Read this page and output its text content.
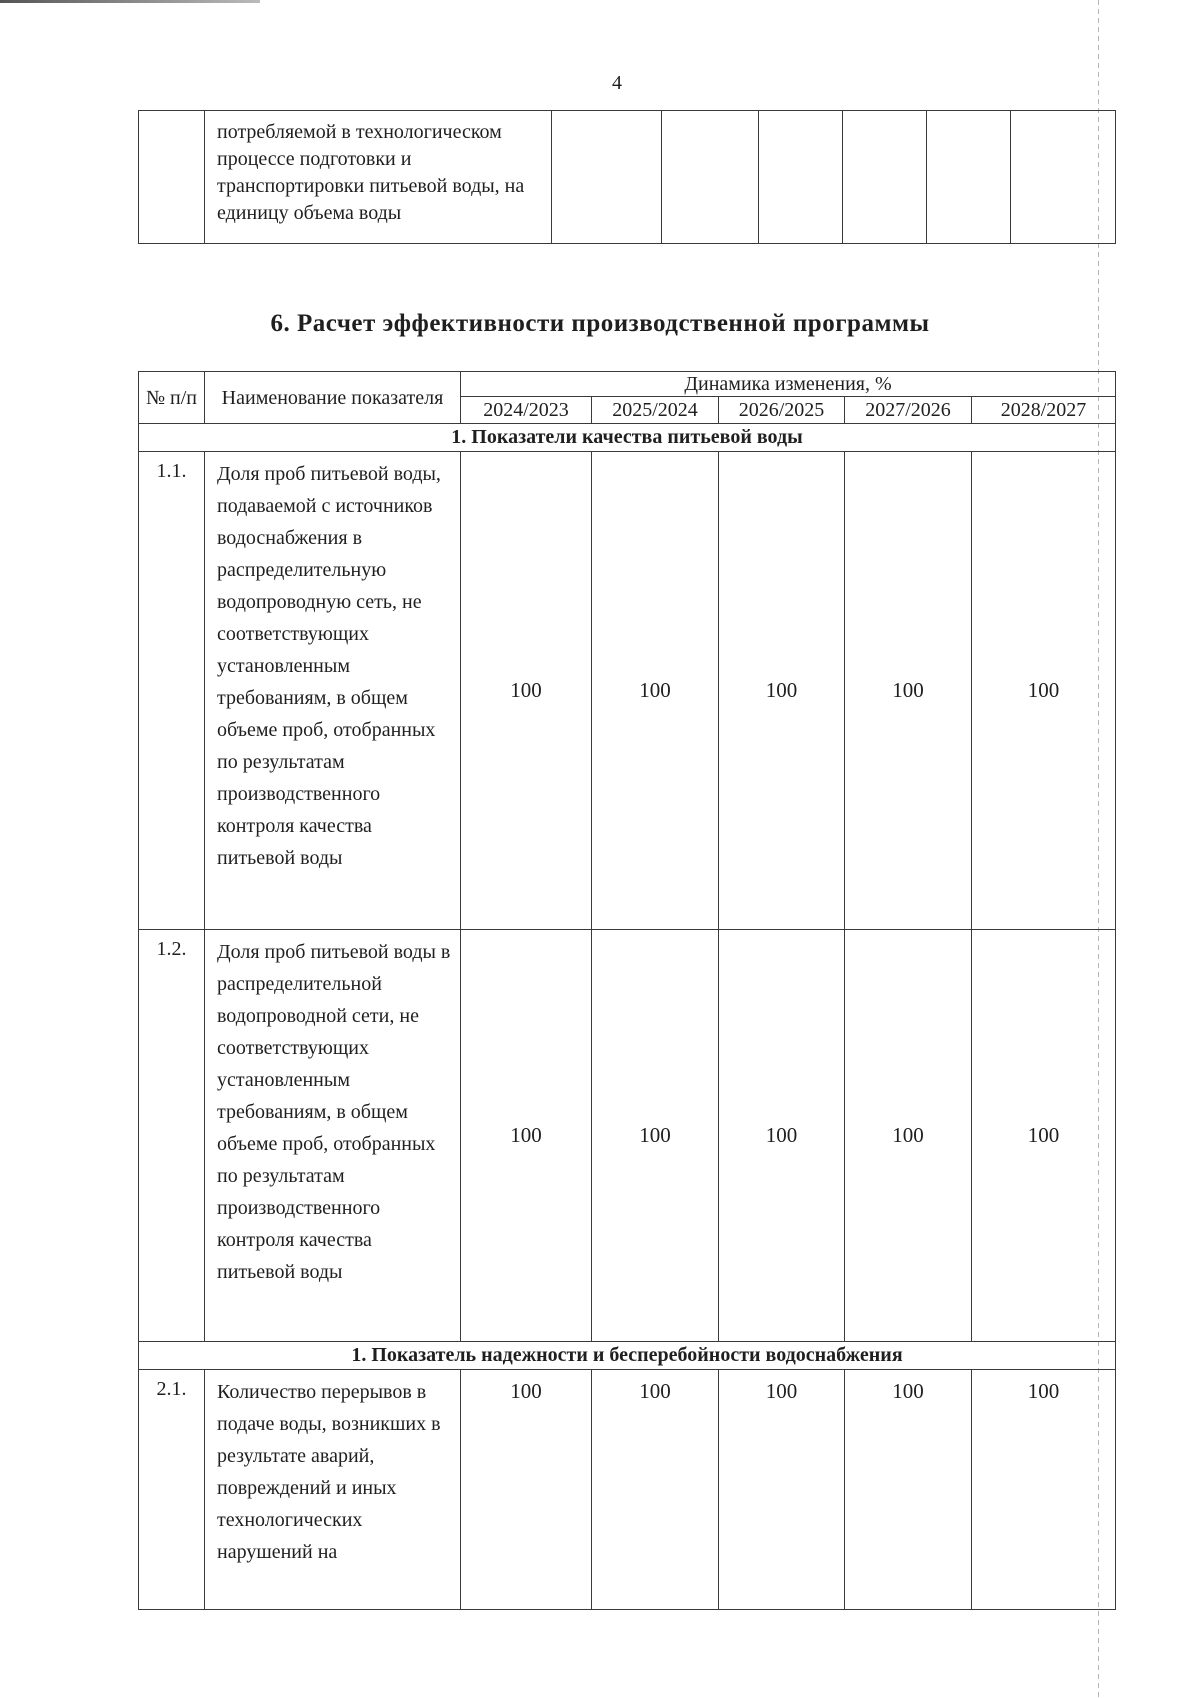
4
	потребляемой в технологическом процессе подготовки и транспортировки питьевой воды, на единицу объема воды						
6. Расчет эффективности производственной программы
№ п/п	Наименование показателя	Динамика изменения, %				
		2024/2023	2025/2024	2026/2025	2027/2026	2028/2027
1. Показатели качества питьевой воды						
1.1.	Доля проб питьевой воды, подаваемой с источников водоснабжения в распределительную водопроводную сеть, не соответствующих установленным требованиям, в общем объеме проб, отобранных по результатам производственного контроля качества питьевой воды	100	100	100	100	100
1.2.	Доля проб питьевой воды в распределительной водопроводной сети, не соответствующих установленным требованиям, в общем объеме проб, отобранных по результатам производственного контроля качества питьевой воды	100	100	100	100	100
1. Показатель надежности и бесперебойности водоснабжения						
2.1.	Количество перерывов в подаче воды, возникших в результате аварий, повреждений и иных технологических нарушений на	100	100	100	100	100
